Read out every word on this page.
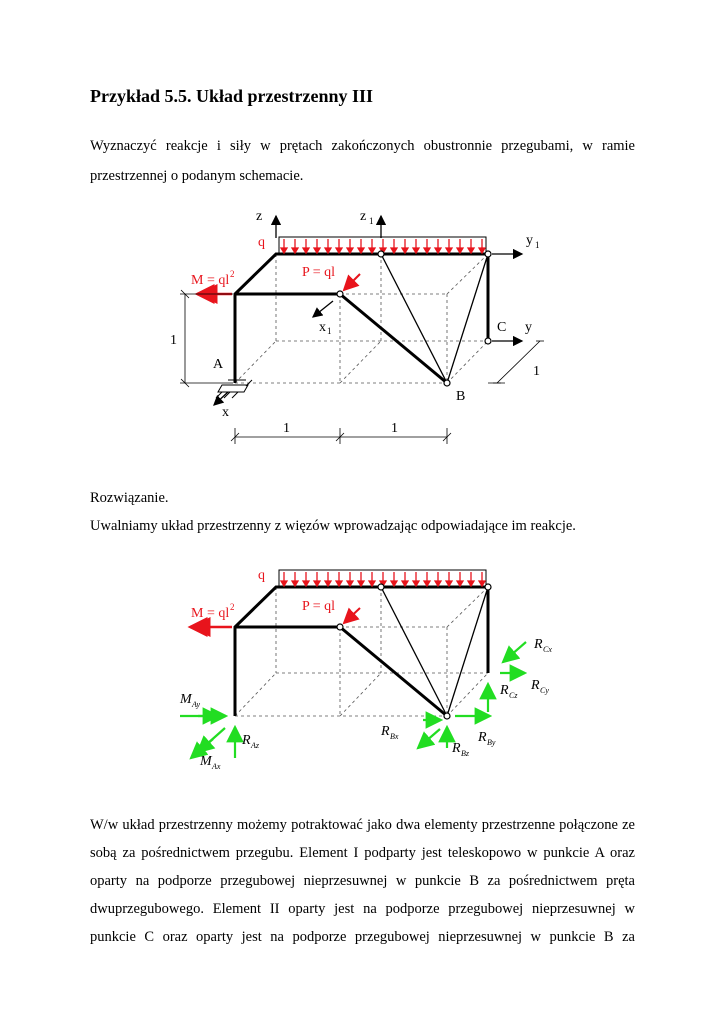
Przykład 5.5. Układ przestrzenny III
Wyznaczyć reakcje i siły w prętach zakończonych obustronnie przegubami, w ramie
przestrzennej o podanym schemacie.
z	z 1
y 1
q
M = ql 2	P = ql
x 1	C y
A
x
B
1
1
1	1
Rozwiązanie.
Uwalniamy układ przestrzenny z więzów wprowadzając odpowiadające im reakcje.
q
M = ql 2	P = ql
R Cx
R Cz
R Cy
M Ay
R Az
M Ax
R Bx
R Bz
R By
W/w układ przestrzenny możemy potraktować jako dwa elementy przestrzenne połączone ze
sobą za pośrednictwem przegubu. Element I podparty jest teleskopowo w punkcie A oraz
oparty na podporze przegubowej nieprzesuwnej w punkcie B za pośrednictwem pręta
dwuprzegubowego. Element II oparty jest na podporze przegubowej nieprzesuwnej w
punkcie C oraz oparty jest na podporze przegubowej nieprzesuwnej w punkcie B za
